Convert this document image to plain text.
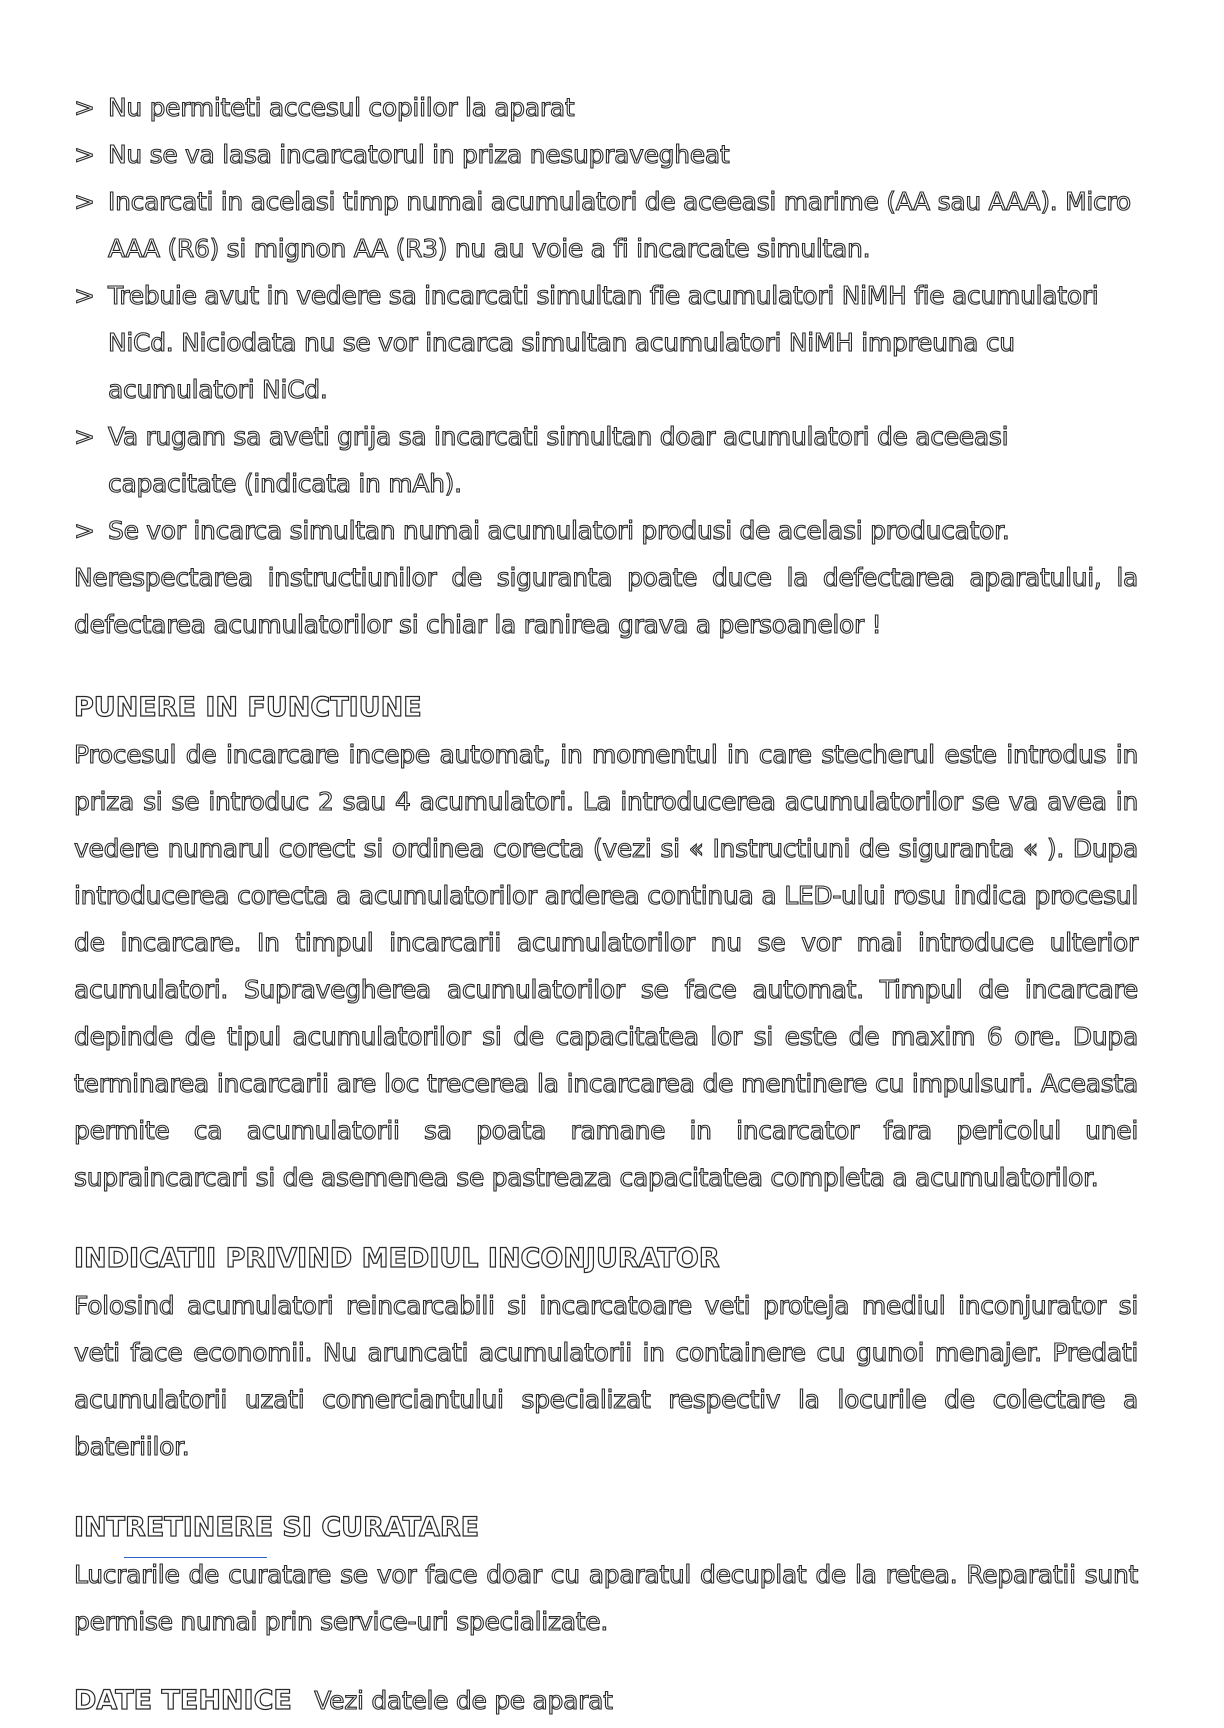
> Nu permiteti accesul copiilor la aparat
> Nu se va lasa incarcatorul in priza nesupravegheat
> Incarcati in acelasi timp numai acumulatori de aceeasi marime (AA sau AAA). Micro AAA (R6) si mignon AA (R3) nu au voie a fi incarcate simultan.
> Trebuie avut in vedere sa incarcati simultan fie acumulatori NiMH fie acumulatori NiCd. Niciodata nu se vor incarca simultan acumulatori NiMH impreuna cu acumulatori NiCd.
> Va rugam sa aveti grija sa incarcati simultan doar acumulatori de aceeasi capacitate (indicata in mAh).
> Se vor incarca simultan numai acumulatori produsi de acelasi producator.

Nerespectarea instructiunilor de siguranta poate duce la defectarea aparatului, la defectarea acumulatorilor si chiar la ranirea grava a persoanelor !

PUNERE IN FUNCTIUNE

Procesul de incarcare incepe automat, in momentul in care stecherul este introdus in priza si se introduc 2 sau 4 acumulatori. La introducerea acumulatorilor se va avea in vedere numarul corect si ordinea corecta (vezi si « Instructiuni de siguranta « ). Dupa introducerea corecta a acumulatorilor arderea continua a LED-ului rosu indica procesul de incarcare. In timpul incarcarii acumulatorilor nu se vor mai introduce ulterior acumulatori. Supravegherea acumulatorilor se face automat. Timpul de incarcare depinde de tipul acumulatorilor si de capacitatea lor si este de maxim 6 ore. Dupa terminarea incarcarii are loc trecerea la incarcarea de mentinere cu impulsuri. Aceasta permite ca acumulatorii sa poata ramane in incarcator fara pericolul unei supraincarcari si de asemenea se pastreaza capacitatea completa a acumulatorilor.

INDICATII PRIVIND MEDIUL INCONJURATOR

Folosind acumulatori reincarcabili si incarcatoare veti proteja mediul inconjurator si veti face economii. Nu aruncati acumulatorii in containere cu gunoi menajer. Predati acumulatorii uzati comerciantului specializat respectiv la locurile de colectare a bateriilor.

INTRETINERE SI CURATARE

Lucrarile de curatare se vor face doar cu aparatul decuplat de la retea. Reparatii sunt permise numai prin service-uri specializate.

DATE TEHNICE Vezi datele de pe aparat
